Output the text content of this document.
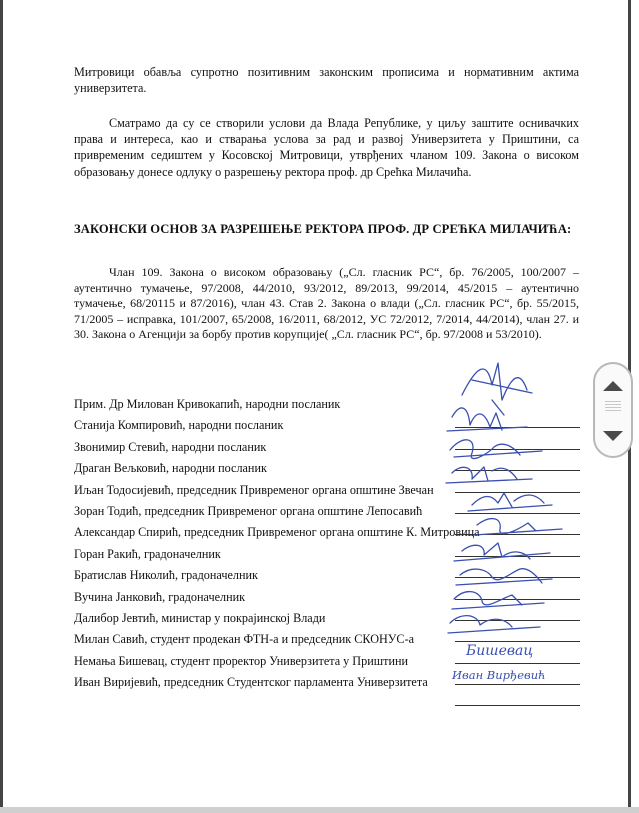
Митровици обавља супротно позитивним законским прописима и нормативним актима универзитета.

Сматрамо да су се створили услови да Влада Републике, у циљу заштите оснивачких права и интереса, као и стварања услова за рад и развој Универзитета у Приштини, са привременим седиштем у Косовској Митровици, утврђених чланом 109. Закона о високом образовању донесе одлуку о разрешењу ректора проф. др Срећка Милачића.

ЗАКОНСКИ ОСНОВ ЗА РАЗРЕШЕЊЕ РЕКТОРА ПРОФ. ДР СРЕЋКА МИЛАЧИЋА:

Члан 109. Закона о високом образовању („Сл. гласник РС“, бр. 76/2005, 100/2007 – аутентично тумачење, 97/2008, 44/2010, 93/2012, 89/2013, 99/2014, 45/2015 – аутентично тумачење, 68/20115 и 87/2016), члан 43. Став 2. Закона о влади („Сл. гласник РС“, бр. 55/2015, 71/2005 – исправка, 101/2007, 65/2008, 16/2011, 68/2012, УС 72/2012, 7/2014, 44/2014), члан 27. и 30. Закона о Агенцији за борбу против корупције( „Сл. гласник РС“, бр. 97/2008 и 53/2010).

Прим. Др Милован Кривокапић, народни посланик
Станија Компировић, народни посланик
Звонимир Стевић, народни посланик
Драган Вељковић, народни посланик
Иљан Тодосијевић, председник Привременог органа општине Звечан
Зоран Тодић, председник Привременог органа општине Лепосавић
Александар Спирић, председник Привременог органа општине К. Митровица
Горан Ракић, градоначелник
Братислав Николић, градоначелник
Вучина Јанковић, градоначелник
Далибор Јевтић, министар у покрајинској Влади
Милан Савић, студент продекан ФТН-а и председник СКОНУС-а
Немања Бишевац, студент проректор Универзитета у Приштини
Иван Виријевић, председник Студентског парламента Универзитета
Бишевац
Иван Вирђевић
